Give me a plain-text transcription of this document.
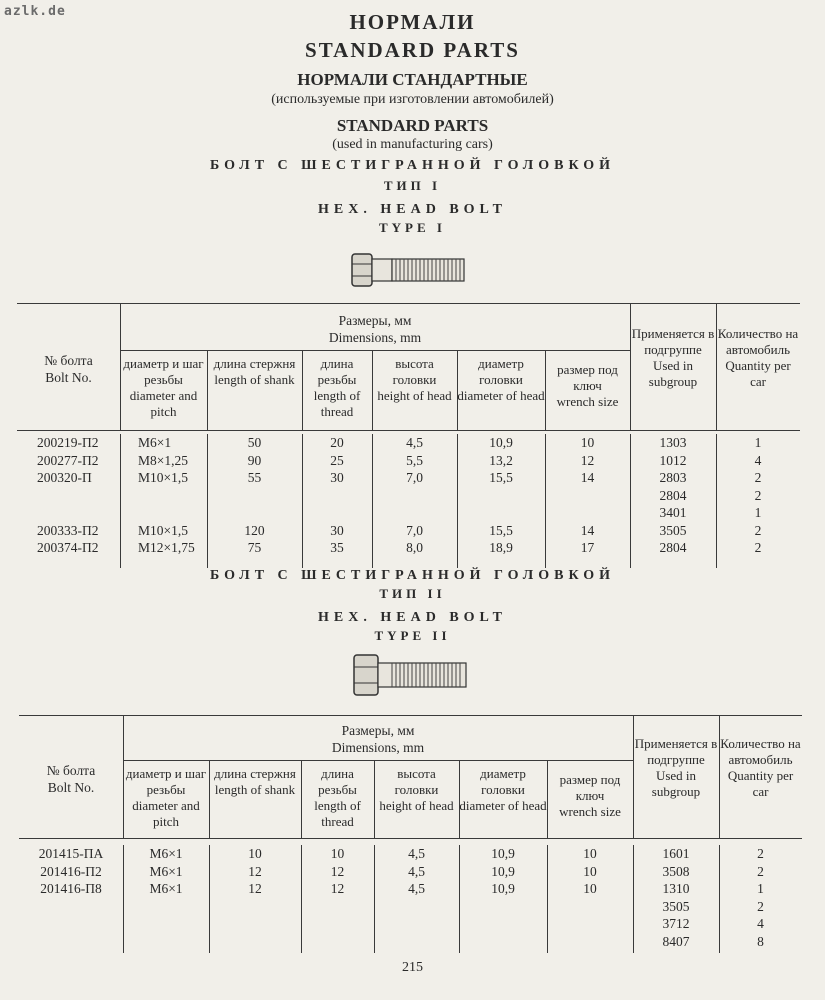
azlk.de	НОРМАЛИ
STANDARD PARTS
НОРМАЛИ СТАНДАРТНЫЕ
(используемые при изготовлении автомобилей)
STANDARD PARTS
(used in manufacturing cars)
БОЛТ С ШЕСТИГРАННОЙ ГОЛОВКОЙ
ТИП I
HEX. HEAD BOLT
TYPE I
№ болта
Bolt No.
Размеры, мм
Dimensions, mm
диаметр и шаг резьбы
diameter and pitch
длина стержня
length of shank
длина резьбы
length of thread
высота головки
height of head
диаметр головки
diameter of head
размер под ключ
wrench size
Применяется в подгруппе
Used in subgroup
Количество на автомобиль
Quantity per car
200219-П2
200277-П2
200320-П
200333-П2
200374-П2
М6×1
М8×1,25
М10×1,5
М10×1,5
М12×1,75
50
90
55
120
75
20
25
30
30
35
4,5
5,5
7,0
7,0
8,0
10,9
13,2
15,5
15,5
18,9
10
12
14
14
17
1303
1012
2803
2804
3401
3505
2804
1
4
2
2
1
2
2
БОЛТ С ШЕСТИГРАННОЙ ГОЛОВКОЙ
ТИП II
HEX. HEAD BOLT
TYPE II
№ болта
Bolt No.
Размеры, мм
Dimensions, mm
диаметр и шаг резьбы
diameter and pitch
длина стержня
length of shank
длина резьбы
length of thread
высота головки
height of head
диаметр головки
diameter of head
размер под ключ
wrench size
Применяется в подгруппе
Used in subgroup
Количество на автомобиль
Quantity per car
201415-ПА
201416-П2
201416-П8
М6×1
М6×1
М6×1
10
12
12
10
12
12
4,5
4,5
4,5
10,9
10,9
10,9
10
10
10
1601
3508
1310
3505
3712
8407
2
2
1
2
4
8
215
